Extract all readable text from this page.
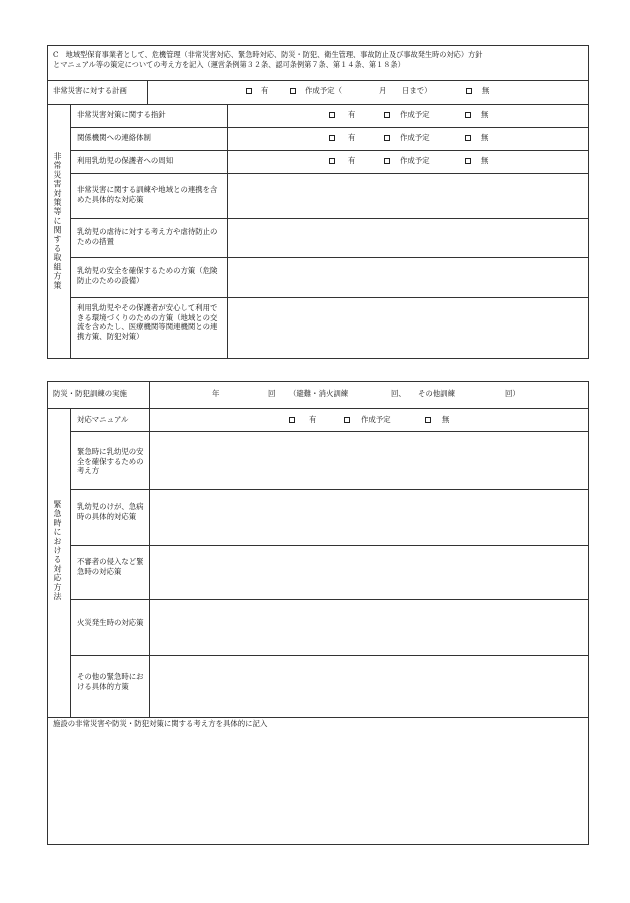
C　地域型保育事業者として、危機管理（非常災害対応、緊急時対応、防災・防犯、衛生管理、事故防止及び事故発生時の対応）方針
とマニュアル等の策定についての考え方を記入（運営条例第３２条、認可条例第７条、第１４条、第１８条）
非常災害に対する計画	有	作成予定（	月 日まで）	無
非常災害対策等に関する取組方策
非常災害対策に関する指針	有	作成予定	無
関係機関への連絡体制	有	作成予定	無
利用乳幼児の保護者への周知	有	作成予定	無
非常災害に関する訓練や地域との連携を含めた具体的な対応策
乳幼児の虐待に対する考え方や虐待防止のための措置
乳幼児の安全を確保するための方策（危険防止のための設備）
利用乳幼児やその保護者が安心して利用できる環境づくりのための方策（地域との交流を含めたし、医療機関等関連機関との連携方策、防犯対策）
防災・防犯訓練の実施	年	回 （避難・消火訓練	回、 その他訓練	回）
緊急時における対応方法
対応マニュアル	有	作成予定	無
緊急時に乳幼児の安全を確保するための考え方
乳幼児のけが、急病時の具体的対応策
不審者の侵入など緊急時の対応策
火災発生時の対応策
その他の緊急時における具体的方策
施設の非常災害や防災・防犯対策に関する考え方を具体的に記入
